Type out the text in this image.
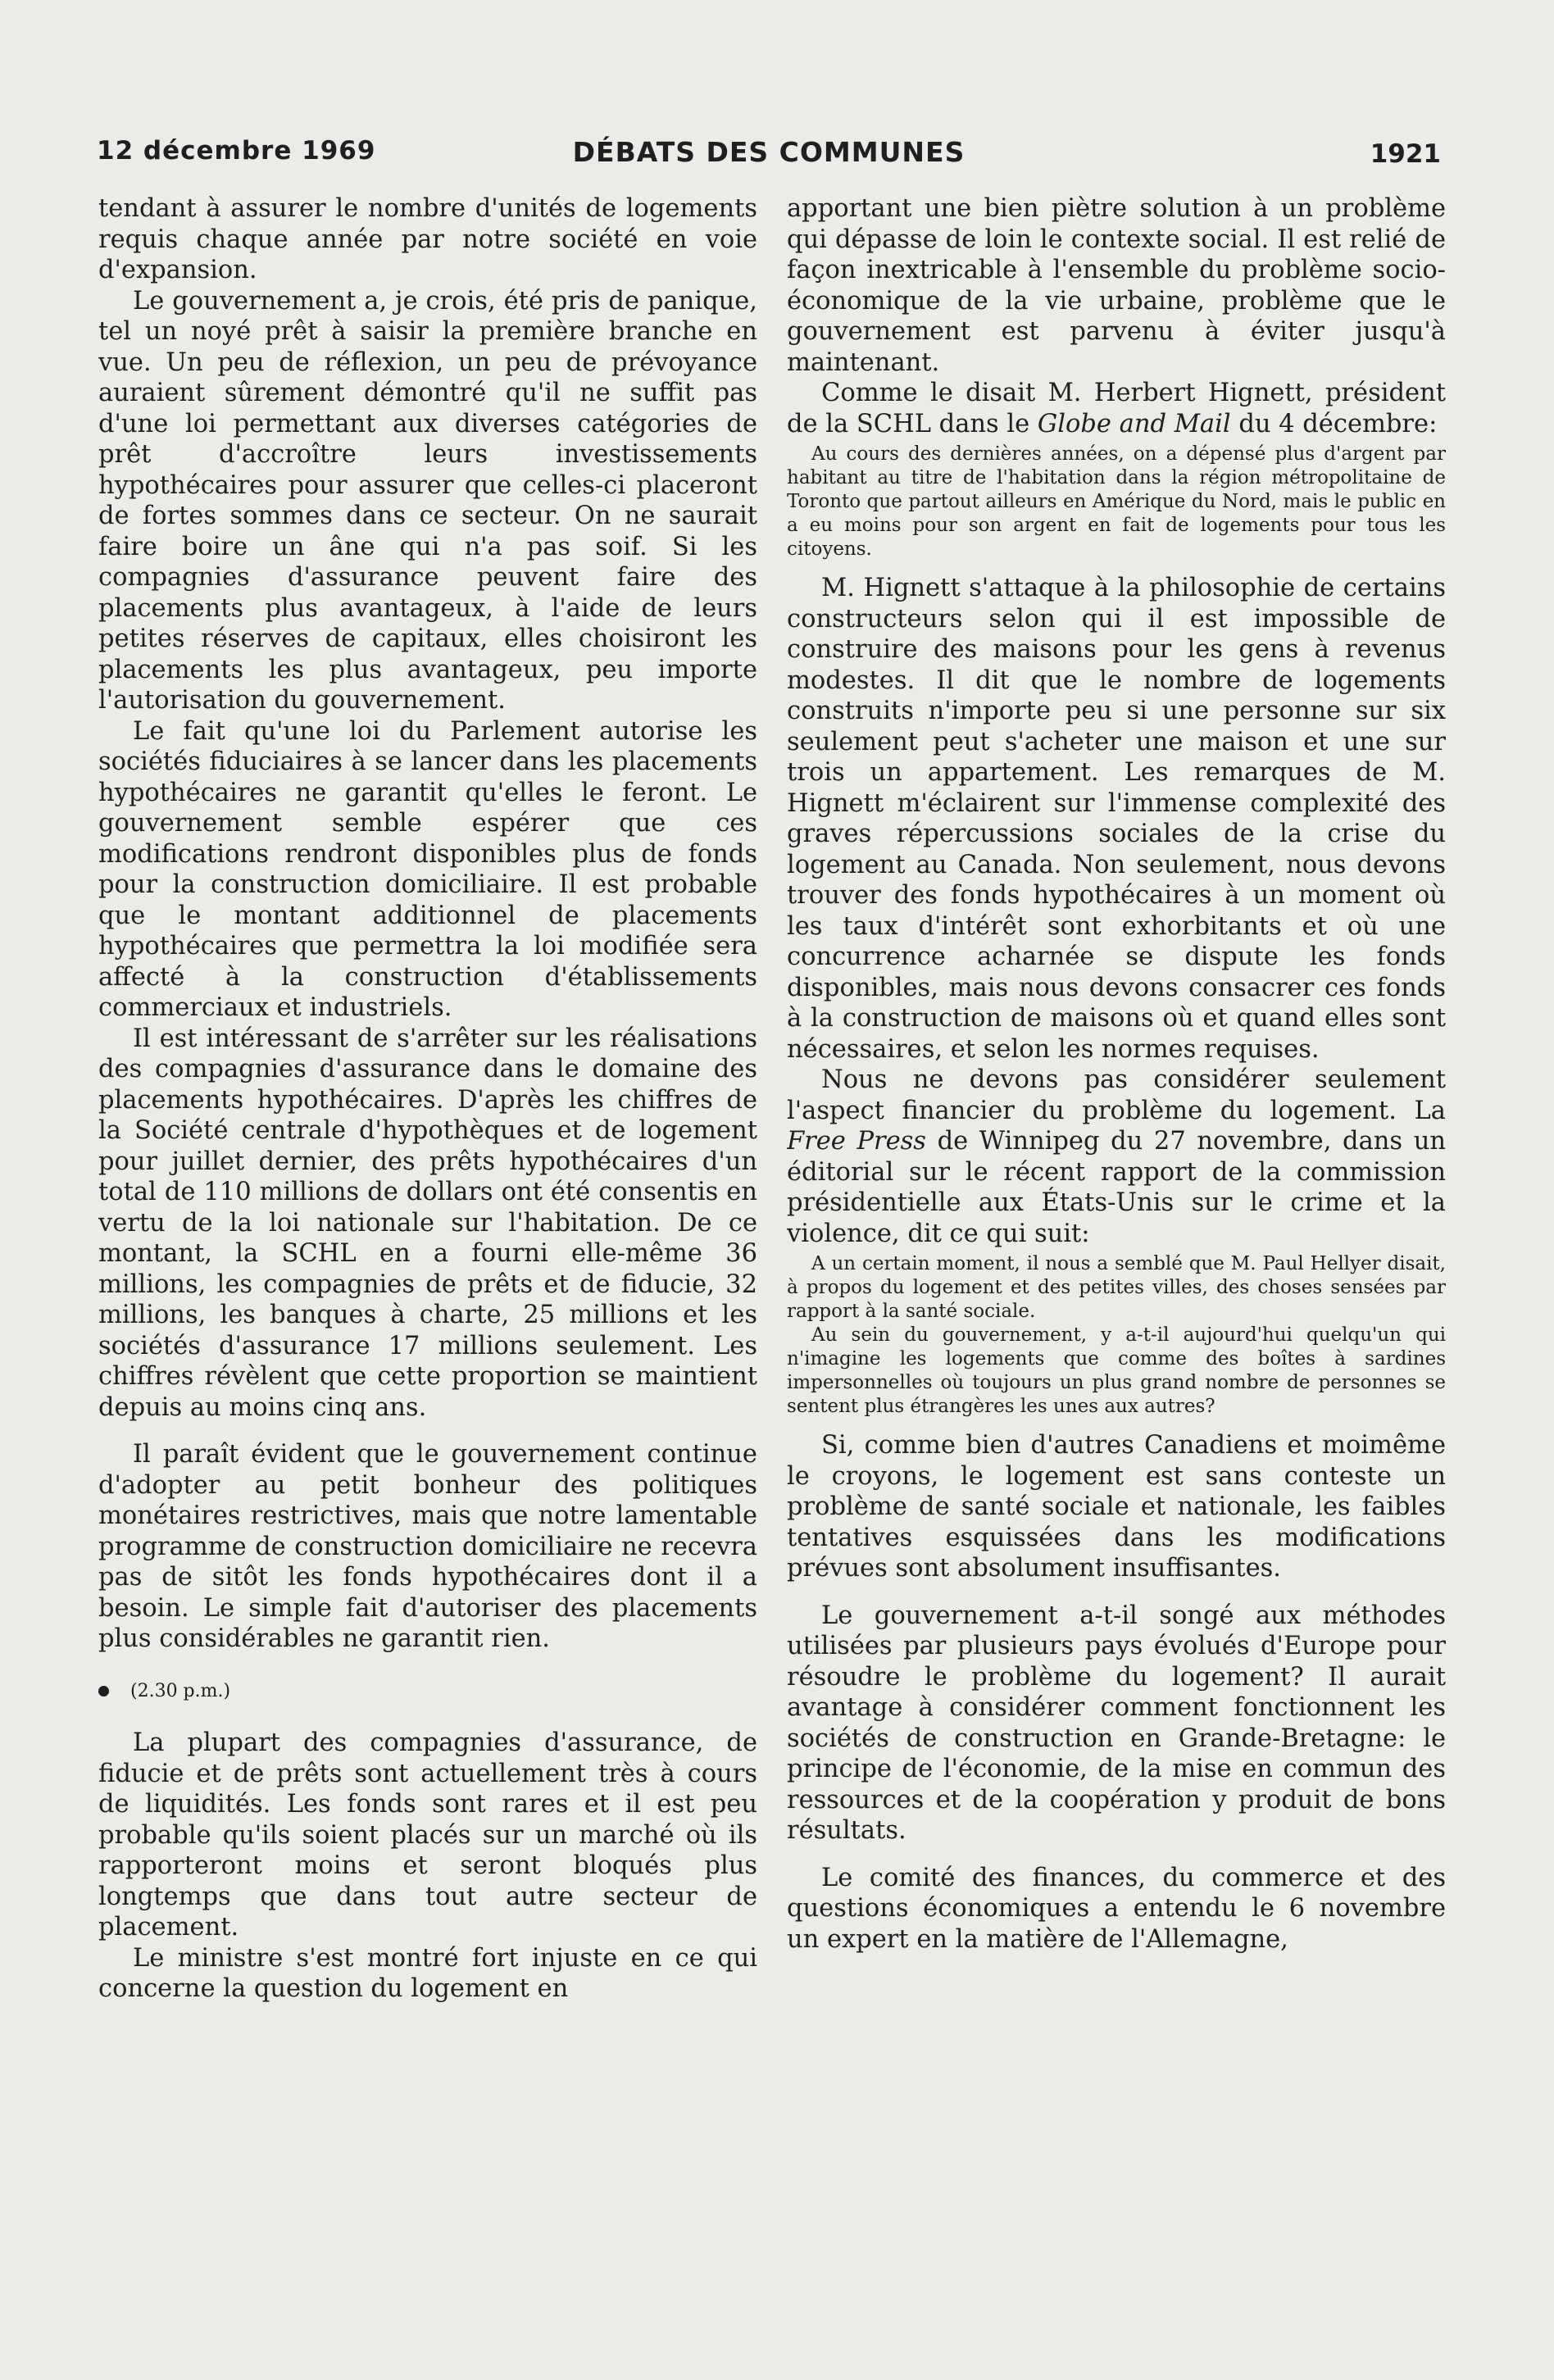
12 décembre 1969	DÉBATS DES COMMUNES	1921

tendant à assurer le nombre d'unités de logements requis chaque année par notre société en voie d'expansion.

Le gouvernement a, je crois, été pris de panique, tel un noyé prêt à saisir la première branche en vue. Un peu de réflexion, un peu de prévoyance auraient sûrement démontré qu'il ne suffit pas d'une loi permettant aux diverses catégories de prêt d'accroître leurs investissements hypothécaires pour assurer que celles-ci placeront de fortes sommes dans ce secteur. On ne saurait faire boire un âne qui n'a pas soif. Si les compagnies d'assurance peuvent faire des placements plus avantageux, à l'aide de leurs petites réserves de capitaux, elles choisiront les placements les plus avantageux, peu importe l'autorisation du gouvernement.

Le fait qu'une loi du Parlement autorise les sociétés fiduciaires à se lancer dans les placements hypothécaires ne garantit qu'elles le feront. Le gouvernement semble espérer que ces modifications rendront disponibles plus de fonds pour la construction domiciliaire. Il est probable que le montant additionnel de placements hypothécaires que permettra la loi modifiée sera affecté à la construction d'établissements commerciaux et industriels.

Il est intéressant de s'arrêter sur les réalisations des compagnies d'assurance dans le domaine des placements hypothécaires. D'après les chiffres de la Société centrale d'hypothèques et de logement pour juillet dernier, des prêts hypothécaires d'un total de 110 millions de dollars ont été consentis en vertu de la loi nationale sur l'habitation. De ce montant, la SCHL en a fourni elle-même 36 millions, les compagnies de prêts et de fiducie, 32 millions, les banques à charte, 25 millions et les sociétés d'assurance 17 millions seulement. Les chiffres révèlent que cette proportion se maintient depuis au moins cinq ans.

Il paraît évident que le gouvernement continue d'adopter au petit bonheur des politiques monétaires restrictives, mais que notre lamentable programme de construction domiciliaire ne recevra pas de sitôt les fonds hypothécaires dont il a besoin. Le simple fait d'autoriser des placements plus considérables ne garantit rien.

(2.30 p.m.)

La plupart des compagnies d'assurance, de fiducie et de prêts sont actuellement très à cours de liquidités. Les fonds sont rares et il est peu probable qu'ils soient placés sur un marché où ils rapporteront moins et seront bloqués plus longtemps que dans tout autre secteur de placement.

Le ministre s'est montré fort injuste en ce qui concerne la question du logement en

apportant une bien piètre solution à un problème qui dépasse de loin le contexte social. Il est relié de façon inextricable à l'ensemble du problème socio-économique de la vie urbaine, problème que le gouvernement est parvenu à éviter jusqu'à maintenant.

Comme le disait M. Herbert Hignett, président de la SCHL dans le Globe and Mail du 4 décembre:

Au cours des dernières années, on a dépensé plus d'argent par habitant au titre de l'habitation dans la région métropolitaine de Toronto que partout ailleurs en Amérique du Nord, mais le public en a eu moins pour son argent en fait de logements pour tous les citoyens.

M. Hignett s'attaque à la philosophie de certains constructeurs selon qui il est impossible de construire des maisons pour les gens à revenus modestes. Il dit que le nombre de logements construits n'importe peu si une personne sur six seulement peut s'acheter une maison et une sur trois un appartement. Les remarques de M. Hignett m'éclairent sur l'immense complexité des graves répercussions sociales de la crise du logement au Canada. Non seulement, nous devons trouver des fonds hypothécaires à un moment où les taux d'intérêt sont exhorbitants et où une concurrence acharnée se dispute les fonds disponibles, mais nous devons consacrer ces fonds à la construction de maisons où et quand elles sont nécessaires, et selon les normes requises.

Nous ne devons pas considérer seulement l'aspect financier du problème du logement. La Free Press de Winnipeg du 27 novembre, dans un éditorial sur le récent rapport de la commission présidentielle aux États-Unis sur le crime et la violence, dit ce qui suit:

A un certain moment, il nous a semblé que M. Paul Hellyer disait, à propos du logement et des petites villes, des choses sensées par rapport à la santé sociale.

Au sein du gouvernement, y a-t-il aujourd'hui quelqu'un qui n'imagine les logements que comme des boîtes à sardines impersonnelles où toujours un plus grand nombre de personnes se sentent plus étrangères les unes aux autres?

Si, comme bien d'autres Canadiens et moimême le croyons, le logement est sans conteste un problème de santé sociale et nationale, les faibles tentatives esquissées dans les modifications prévues sont absolument insuffisantes.

Le gouvernement a-t-il songé aux méthodes utilisées par plusieurs pays évolués d'Europe pour résoudre le problème du logement? Il aurait avantage à considérer comment fonctionnent les sociétés de construction en Grande-Bretagne: le principe de l'économie, de la mise en commun des ressources et de la coopération y produit de bons résultats.

Le comité des finances, du commerce et des questions économiques a entendu le 6 novembre un expert en la matière de l'Allemagne,
